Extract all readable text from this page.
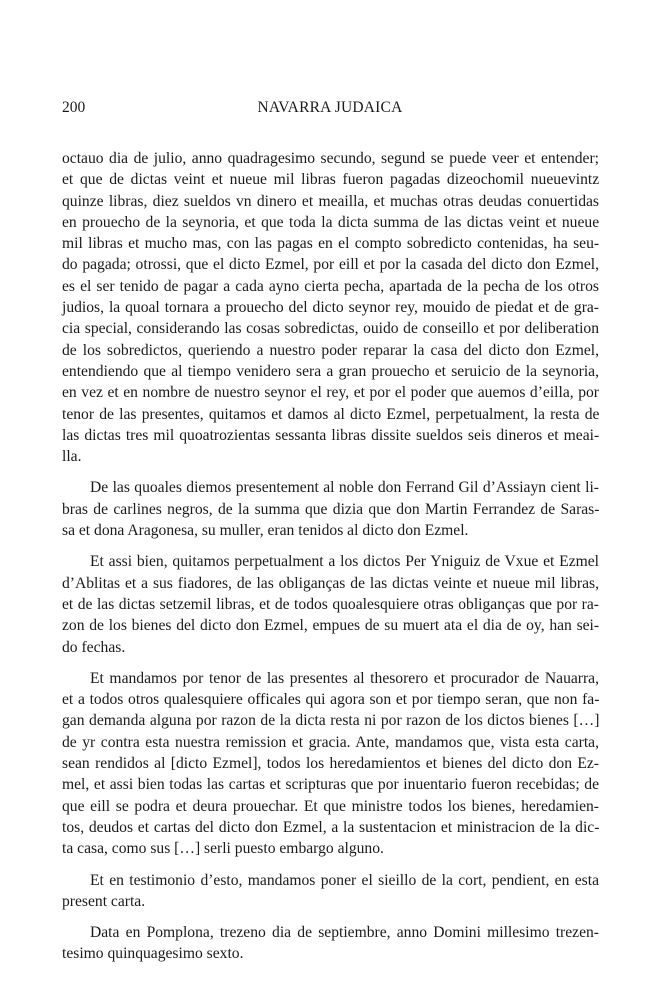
200	NAVARRA JUDAICA

octauo dia de julio, anno quadragesimo secundo, segund se puede veer et entender;
et que de dictas veint et nueue mil libras fueron pagadas dizeochomil nueuevintz
quinze libras, diez sueldos vn dinero et meailla, et muchas otras deudas conuertidas
en prouecho de la seynoria, et que toda la dicta summa de las dictas veint et nueue
mil libras et mucho mas, con las pagas en el compto sobredicto contenidas, ha seu-
do pagada; otrossi, que el dicto Ezmel, por eill et por la casada del dicto don Ezmel,
es el ser tenido de pagar a cada ayno cierta pecha, apartada de la pecha de los otros
judios, la quoal tornara a prouecho del dicto seynor rey, mouido de piedat et de gra-
cia special, considerando las cosas sobredictas, ouido de conseillo et por deliberation
de los sobredictos, queriendo a nuestro poder reparar la casa del dicto don Ezmel,
entendiendo que al tiempo venidero sera a gran prouecho et seruicio de la seynoria,
en vez et en nombre de nuestro seynor el rey, et por el poder que auemos d’eilla, por
tenor de las presentes, quitamos et damos al dicto Ezmel, perpetualment, la resta de
las dictas tres mil quoatrozientas sessanta libras dissite sueldos seis dineros et meai-
lla.

De las quoales diemos presentement al noble don Ferrand Gil d’Assiayn cient li-
bras de carlines negros, de la summa que dizia que don Martin Ferrandez de Saras-
sa et dona Aragonesa, su muller, eran tenidos al dicto don Ezmel.

Et assi bien, quitamos perpetualment a los dictos Per Yniguiz de Vxue et Ezmel
d’Ablitas et a sus fiadores, de las obliganças de las dictas veinte et nueue mil libras,
et de las dictas setzemil libras, et de todos quoalesquiere otras obliganças que por ra-
zon de los bienes del dicto don Ezmel, empues de su muert ata el dia de oy, han sei-
do fechas.

Et mandamos por tenor de las presentes al thesorero et procurador de Nauarra,
et a todos otros qualesquiere officales qui agora son et por tiempo seran, que non fa-
gan demanda alguna por razon de la dicta resta ni por razon de los dictos bienes […]
de yr contra esta nuestra remission et gracia. Ante, mandamos que, vista esta carta,
sean rendidos al [dicto Ezmel], todos los heredamientos et bienes del dicto don Ez-
mel, et assi bien todas las cartas et scripturas que por inuentario fueron recebidas; de
que eill se podra et deura prouechar. Et que ministre todos los bienes, heredamien-
tos, deudos et cartas del dicto don Ezmel, a la sustentacion et ministracion de la dic-
ta casa, como sus […] serli puesto embargo alguno.

Et en testimonio d’esto, mandamos poner el sieillo de la cort, pendient, en esta
present carta.

Data en Pomplona, trezeno dia de septiembre, anno Domini millesimo trezen-
tesimo quinquagesimo sexto.
